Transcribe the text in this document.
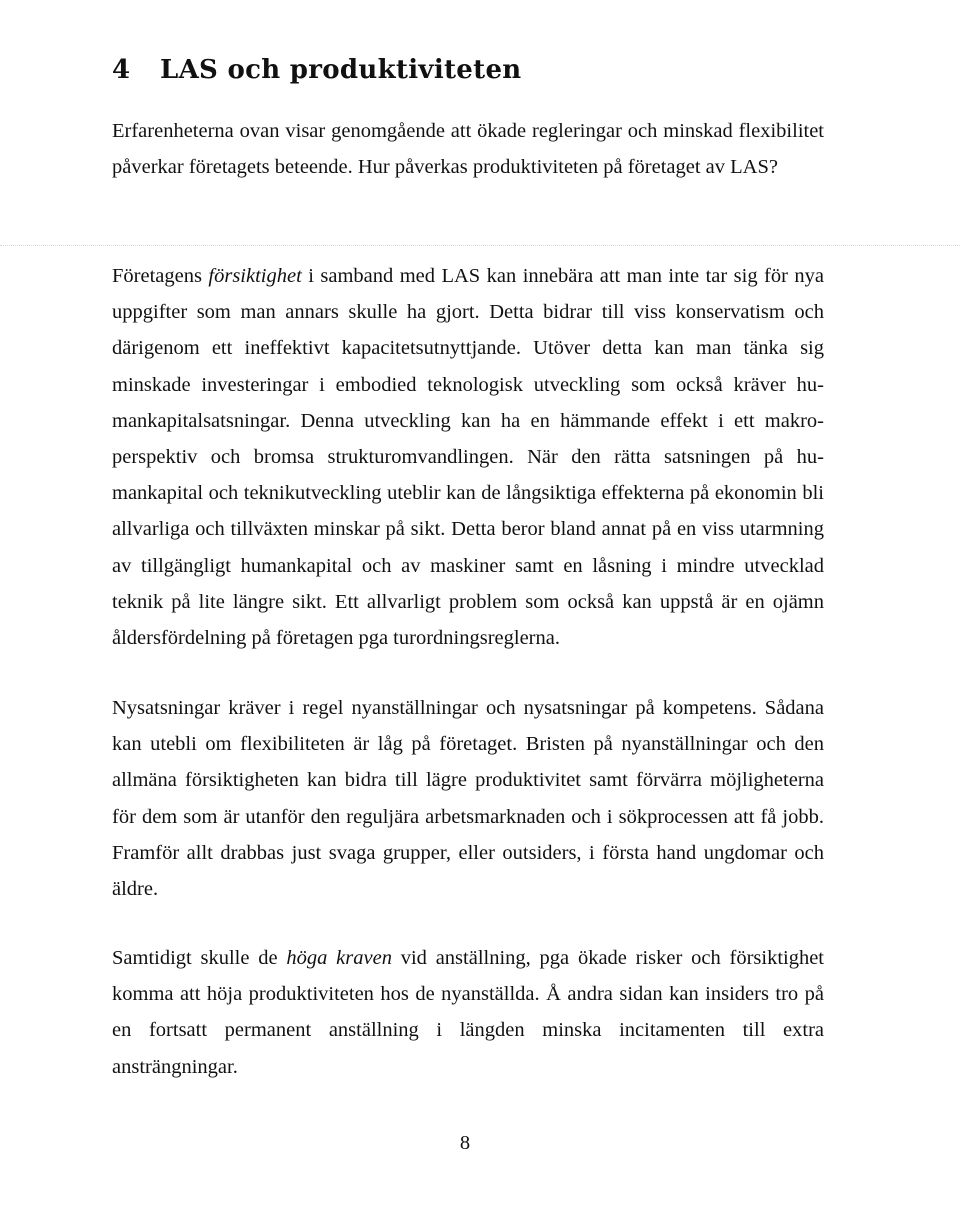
4 LAS och produktiviteten

Erfarenheterna ovan visar genomgående att ökade regleringar och minskad flexibilitet påverkar företagets beteende. Hur påverkas produktiviteten på företaget av LAS?

Företagens försiktighet i samband med LAS kan innebära att man inte tar sig för nya uppgifter som man annars skulle ha gjort. Detta bidrar till viss konservatism och därigenom ett ineffektivt kapacitetsutnyttjande. Utöver detta kan man tänka sig minskade investeringar i embodied teknologisk utveckling som också kräver humankapitalsatsningar. Denna utveckling kan ha en hämmande effekt i ett makroperspektiv och bromsa strukturomvandlingen. När den rätta satsningen på humankapital och teknikutveckling uteblir kan de långsiktiga effekterna på ekonomin bli allvarliga och tillväxten minskar på sikt. Detta beror bland annat på en viss utarmning av tillgängligt humankapital och av maskiner samt en låsning i mindre utvecklad teknik på lite längre sikt. Ett allvarligt problem som också kan uppstå är en ojämn åldersfördelning på företagen pga turordningsreglerna.

Nysatsningar kräver i regel nyanställningar och nysatsningar på kompetens. Sådana kan utebli om flexibiliteten är låg på företaget. Bristen på nyanställningar och den allmäna försiktigheten kan bidra till lägre produktivitet samt förvärra möjligheterna för dem som är utanför den reguljära arbetsmarknaden och i sökprocessen att få jobb. Framför allt drabbas just svaga grupper, eller outsiders, i första hand ungdomar och äldre.

Samtidigt skulle de höga kraven vid anställning, pga ökade risker och försiktighet komma att höja produktiviteten hos de nyanställda. Å andra sidan kan insiders tro på en fortsatt permanent anställning i längden minska incitamenten till extra ansträngningar.

8
